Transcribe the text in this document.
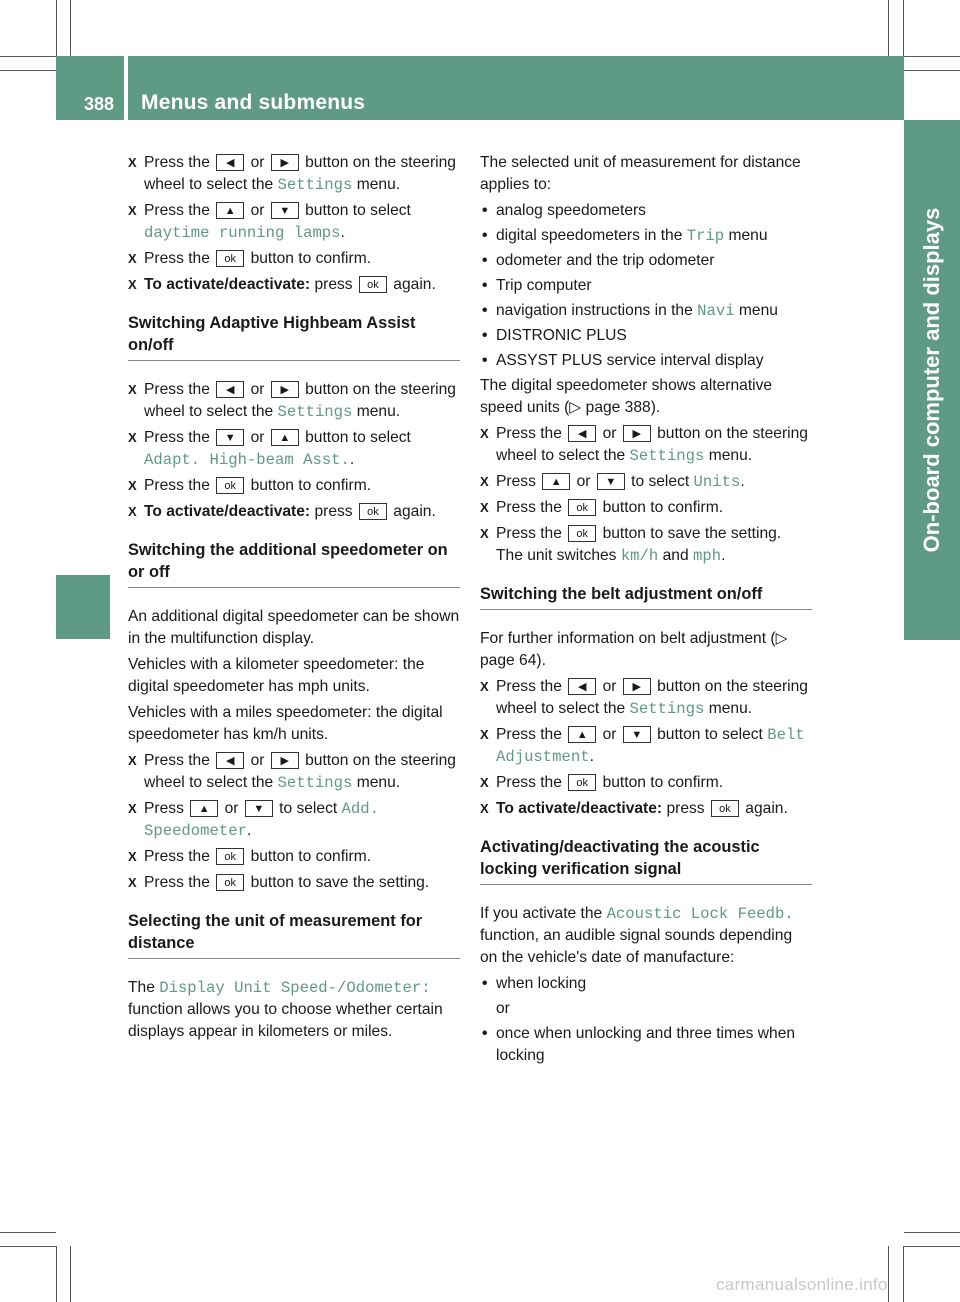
388 Menus and submenus
On-board computer and displays
X Press the ◀ or ▶ button on the steering wheel to select the Settings menu.
X Press the ▲ or ▼ button to select daytime running lamps.
X Press the ok button to confirm.
X To activate/deactivate: press ok again.
Switching Adaptive Highbeam Assist on/off
X Press the ◀ or ▶ button on the steering wheel to select the Settings menu.
X Press the ▼ or ▲ button to select Adapt. High-beam Asst..
X Press the ok button to confirm.
X To activate/deactivate: press ok again.
Switching the additional speedometer on or off

An additional digital speedometer can be shown in the multifunction display.

Vehicles with a kilometer speedometer: the digital speedometer has mph units.

Vehicles with a miles speedometer: the digital speedometer has km/h units.

X Press the ◀ or ▶ button on the steering wheel to select the Settings menu.
X Press ▲ or ▼ to select Add. Speedometer.
X Press the ok button to confirm.
X Press the ok button to save the setting.
Selecting the unit of measurement for distance

The Display Unit Speed-/Odometer: function allows you to choose whether certain displays appear in kilometers or miles.

The selected unit of measurement for distance applies to:

• analog speedometers
• digital speedometers in the Trip menu
• odometer and the trip odometer
• Trip computer
• navigation instructions in the Navi menu
• DISTRONIC PLUS
• ASSYST PLUS service interval display

The digital speedometer shows alternative speed units (▷ page 388).

X Press the ◀ or ▶ button on the steering wheel to select the Settings menu.
X Press ▲ or ▼ to select Units.
X Press the ok button to confirm.
X Press the ok button to save the setting. The unit switches km/h and mph.
Switching the belt adjustment on/off

For further information on belt adjustment (▷ page 64).

X Press the ◀ or ▶ button on the steering wheel to select the Settings menu.
X Press the ▲ or ▼ button to select Belt Adjustment.
X Press the ok button to confirm.
X To activate/deactivate: press ok again.
Activating/deactivating the acoustic locking verification signal

If you activate the Acoustic Lock Feedb. function, an audible signal sounds depending on the vehicle's date of manufacture:

• when locking
or
• once when unlocking and three times when locking
carmanualsonline.info
